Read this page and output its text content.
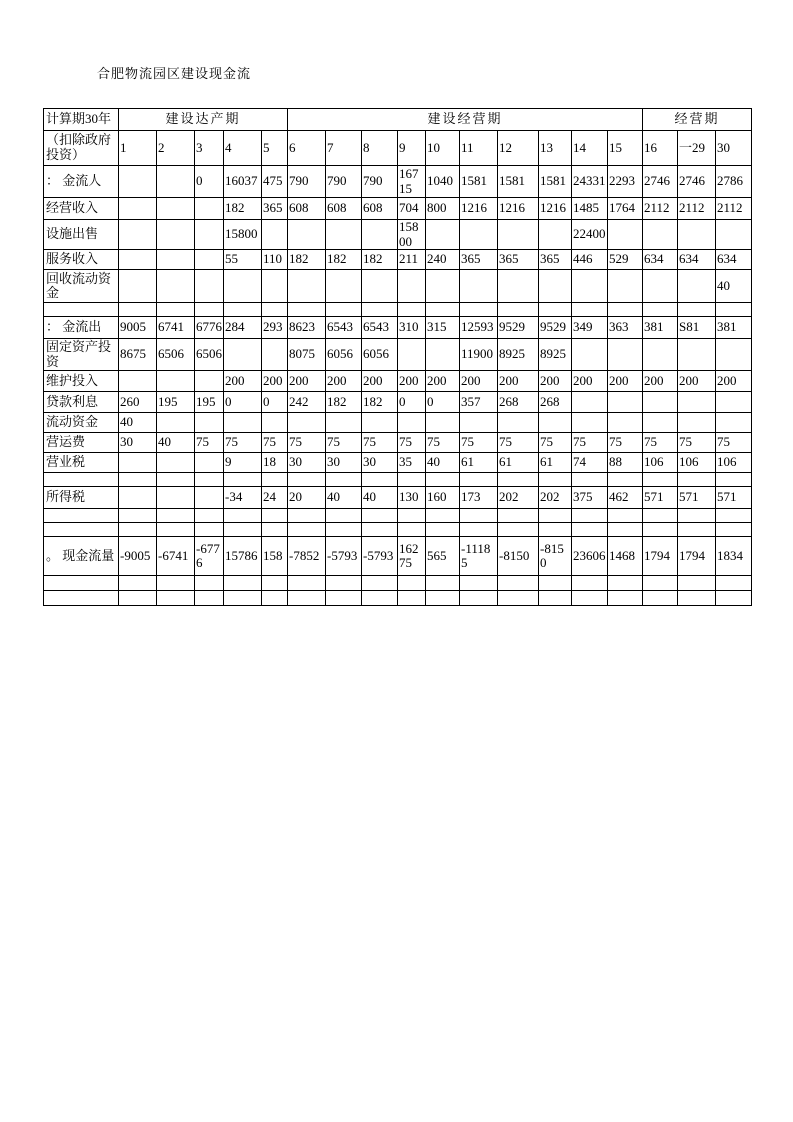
合肥物流园区建设现金流
计算期30年	建设达产期					建设经营期										经营期		
（扣除政府投资）	1	2	3	4	5	6	7	8	9	10	11	12	13	14	15	16	一29	30
： 金流人			0	16037	475	790	790	790	16715	1040	1581	1581	1581	24331	2293	2746	2746	2786
经营收入				182	365	608	608	608	704	800	1216	1216	1216	1485	1764	2112	2112	2112
设施出售				15800					15800					22400				
服务收入				55	110	182	182	182	211	240	365	365	365	446	529	634	634	634
回收流动资金																		40

： 金流出	9005	6741	6776	284	293	8623	6543	6543	310	315	12593	9529	9529	349	363	381	S81	381
固定资产投资	8675	6506	6506			8075	6056	6056			11900	8925	8925					
维护投入				200	200	200	200	200	200	200	200	200	200	200	200	200	200	200
贷款利息	260	195	195	0	0	242	182	182	0	0	357	268	268					
流动资金	40																	
营运费	30	40	75	75	75	75	75	75	75	75	75	75	75	75	75	75	75	75
营业税				9	18	30	30	30	35	40	61	61	61	74	88	106	106	106

所得税				-34	24	20	40	40	130	160	173	202	202	375	462	571	571	571

。 现金流量	-9005	-6741	-6776	15786	158	-7852	-5793	-5793	16275	565	-11185	-8150	-8150	23606	1468	1794	1794	1834
